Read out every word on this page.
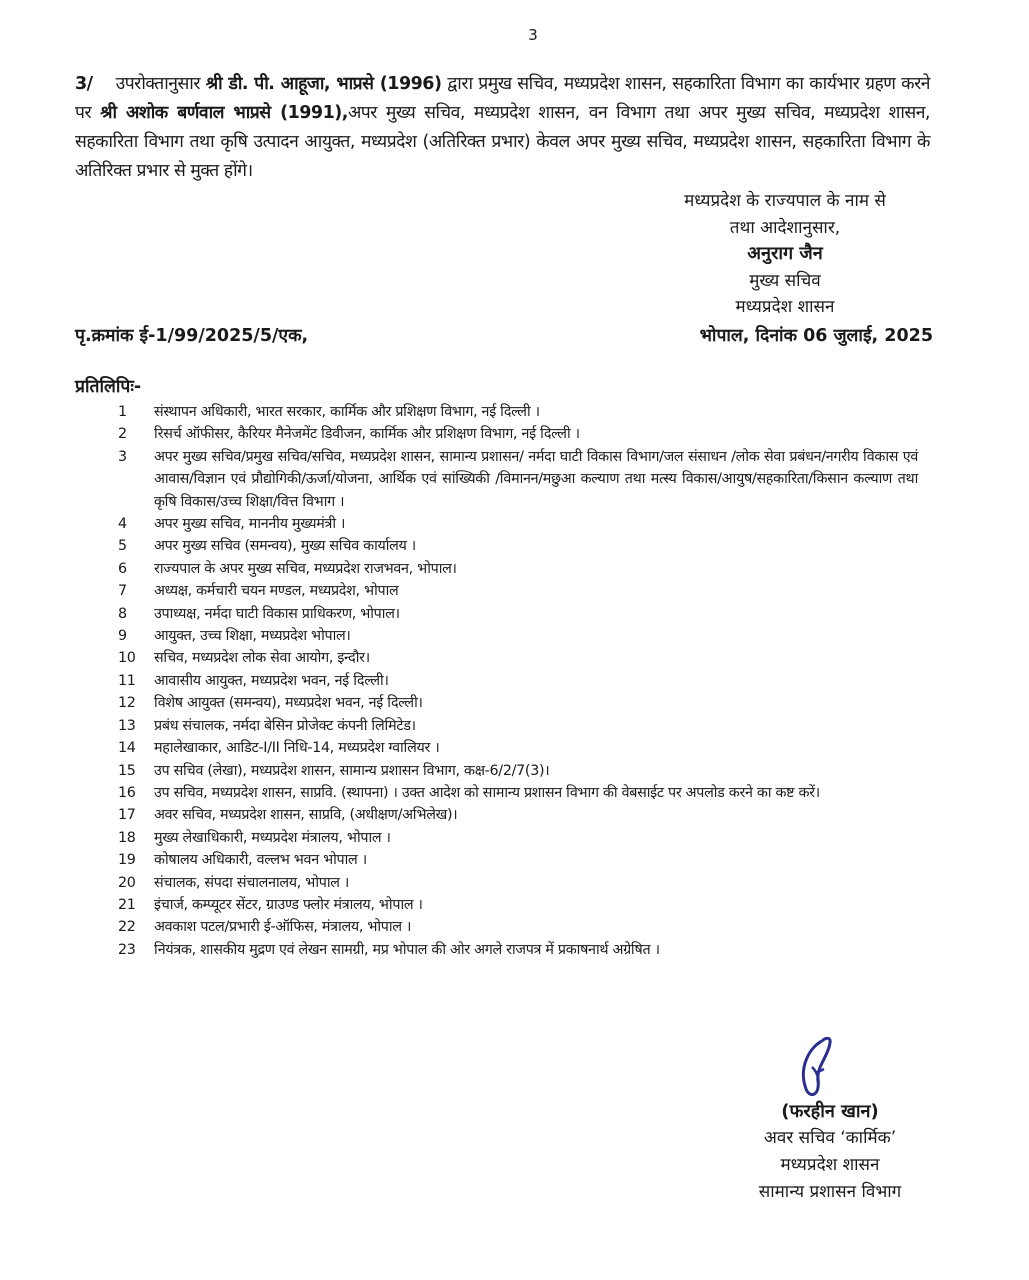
3
3/ उपरोक्तानुसार श्री डी. पी. आहूजा, भाप्रसे (1996) द्वारा प्रमुख सचिव, मध्यप्रदेश शासन, सहकारिता विभाग का कार्यभार ग्रहण करने पर श्री अशोक बर्णवाल भाप्रसे (1991),अपर मुख्य सचिव, मध्यप्रदेश शासन, वन विभाग तथा अपर मुख्य सचिव, मध्यप्रदेश शासन, सहकारिता विभाग तथा कृषि उत्पादन आयुक्त, मध्यप्रदेश (अतिरिक्त प्रभार) केवल अपर मुख्य सचिव, मध्यप्रदेश शासन, सहकारिता विभाग के अतिरिक्त प्रभार से मुक्त होंगे।
मध्यप्रदेश के राज्यपाल के नाम से
तथा आदेशानुसार,
अनुराग जैन
मुख्य सचिव
मध्यप्रदेश शासन
पृ.क्रमांक ई-1/99/2025/5/एक,	भोपाल, दिनांक 06 जुलाई, 2025
प्रतिलिपिः-
1	संस्थापन अधिकारी, भारत सरकार, कार्मिक और प्रशिक्षण विभाग, नई दिल्ली ।
2	रिसर्च ऑफीसर, कैरियर मैनेजमेंट डिवीजन, कार्मिक और प्रशिक्षण विभाग, नई दिल्ली ।
3	अपर मुख्य सचिव/प्रमुख सचिव/सचिव, मध्यप्रदेश शासन, सामान्य प्रशासन/ नर्मदा घाटी विकास विभाग/जल संसाधन /लोक सेवा प्रबंधन/नगरीय विकास एवं आवास/विज्ञान एवं प्रौद्योगिकी/ऊर्जा/योजना, आर्थिक एवं सांख्यिकी /विमानन/मछुआ कल्याण तथा मत्स्य विकास/आयुष/सहकारिता/किसान कल्याण तथा कृषि विकास/उच्च शिक्षा/वित्त विभाग ।
4	अपर मुख्य सचिव, माननीय मुख्यमंत्री ।
5	अपर मुख्य सचिव (समन्वय), मुख्य सचिव कार्यालय ।
6	राज्यपाल के अपर मुख्य सचिव, मध्यप्रदेश राजभवन, भोपाल।
7	अध्यक्ष, कर्मचारी चयन मण्डल, मध्यप्रदेश, भोपाल
8	उपाध्यक्ष, नर्मदा घाटी विकास प्राधिकरण, भोपाल।
9	आयुक्त, उच्च शिक्षा, मध्यप्रदेश भोपाल।
10	सचिव, मध्यप्रदेश लोक सेवा आयोग, इन्दौर।
11	आवासीय आयुक्त, मध्यप्रदेश भवन, नई दिल्ली।
12	विशेष आयुक्त (समन्वय), मध्यप्रदेश भवन, नई दिल्ली।
13	प्रबंध संचालक, नर्मदा बेसिन प्रोजेक्ट कंपनी लिमिटेड।
14	महालेखाकार, आडिट-I/II निधि-14, मध्यप्रदेश ग्वालियर ।
15	उप सचिव (लेखा), मध्यप्रदेश शासन, सामान्य प्रशासन विभाग, कक्ष-6/2/7(3)।
16	उप सचिव, मध्यप्रदेश शासन, साप्रवि. (स्थापना) । उक्त आदेश को सामान्य प्रशासन विभाग की वेबसाईट पर अपलोड करने का कष्ट करें।
17	अवर सचिव, मध्यप्रदेश शासन, साप्रवि, (अधीक्षण/अभिलेख)।
18	मुख्य लेखाधिकारी, मध्यप्रदेश मंत्रालय, भोपाल ।
19	कोषालय अधिकारी, वल्लभ भवन भोपाल ।
20	संचालक, संपदा संचालनालय, भोपाल ।
21	इंचार्ज, कम्प्यूटर सेंटर, ग्राउण्ड फ्लोर मंत्रालय, भोपाल ।
22	अवकाश पटल/प्रभारी ई-ऑफिस, मंत्रालय, भोपाल ।
23	नियंत्रक, शासकीय मुद्रण एवं लेखन सामग्री, मप्र भोपाल की ओर अगले राजपत्र में प्रकाषनार्थ अग्रेषित ।
(फरहीन खान)
अवर सचिव ‘कार्मिक’
मध्यप्रदेश शासन
सामान्य प्रशासन विभाग
